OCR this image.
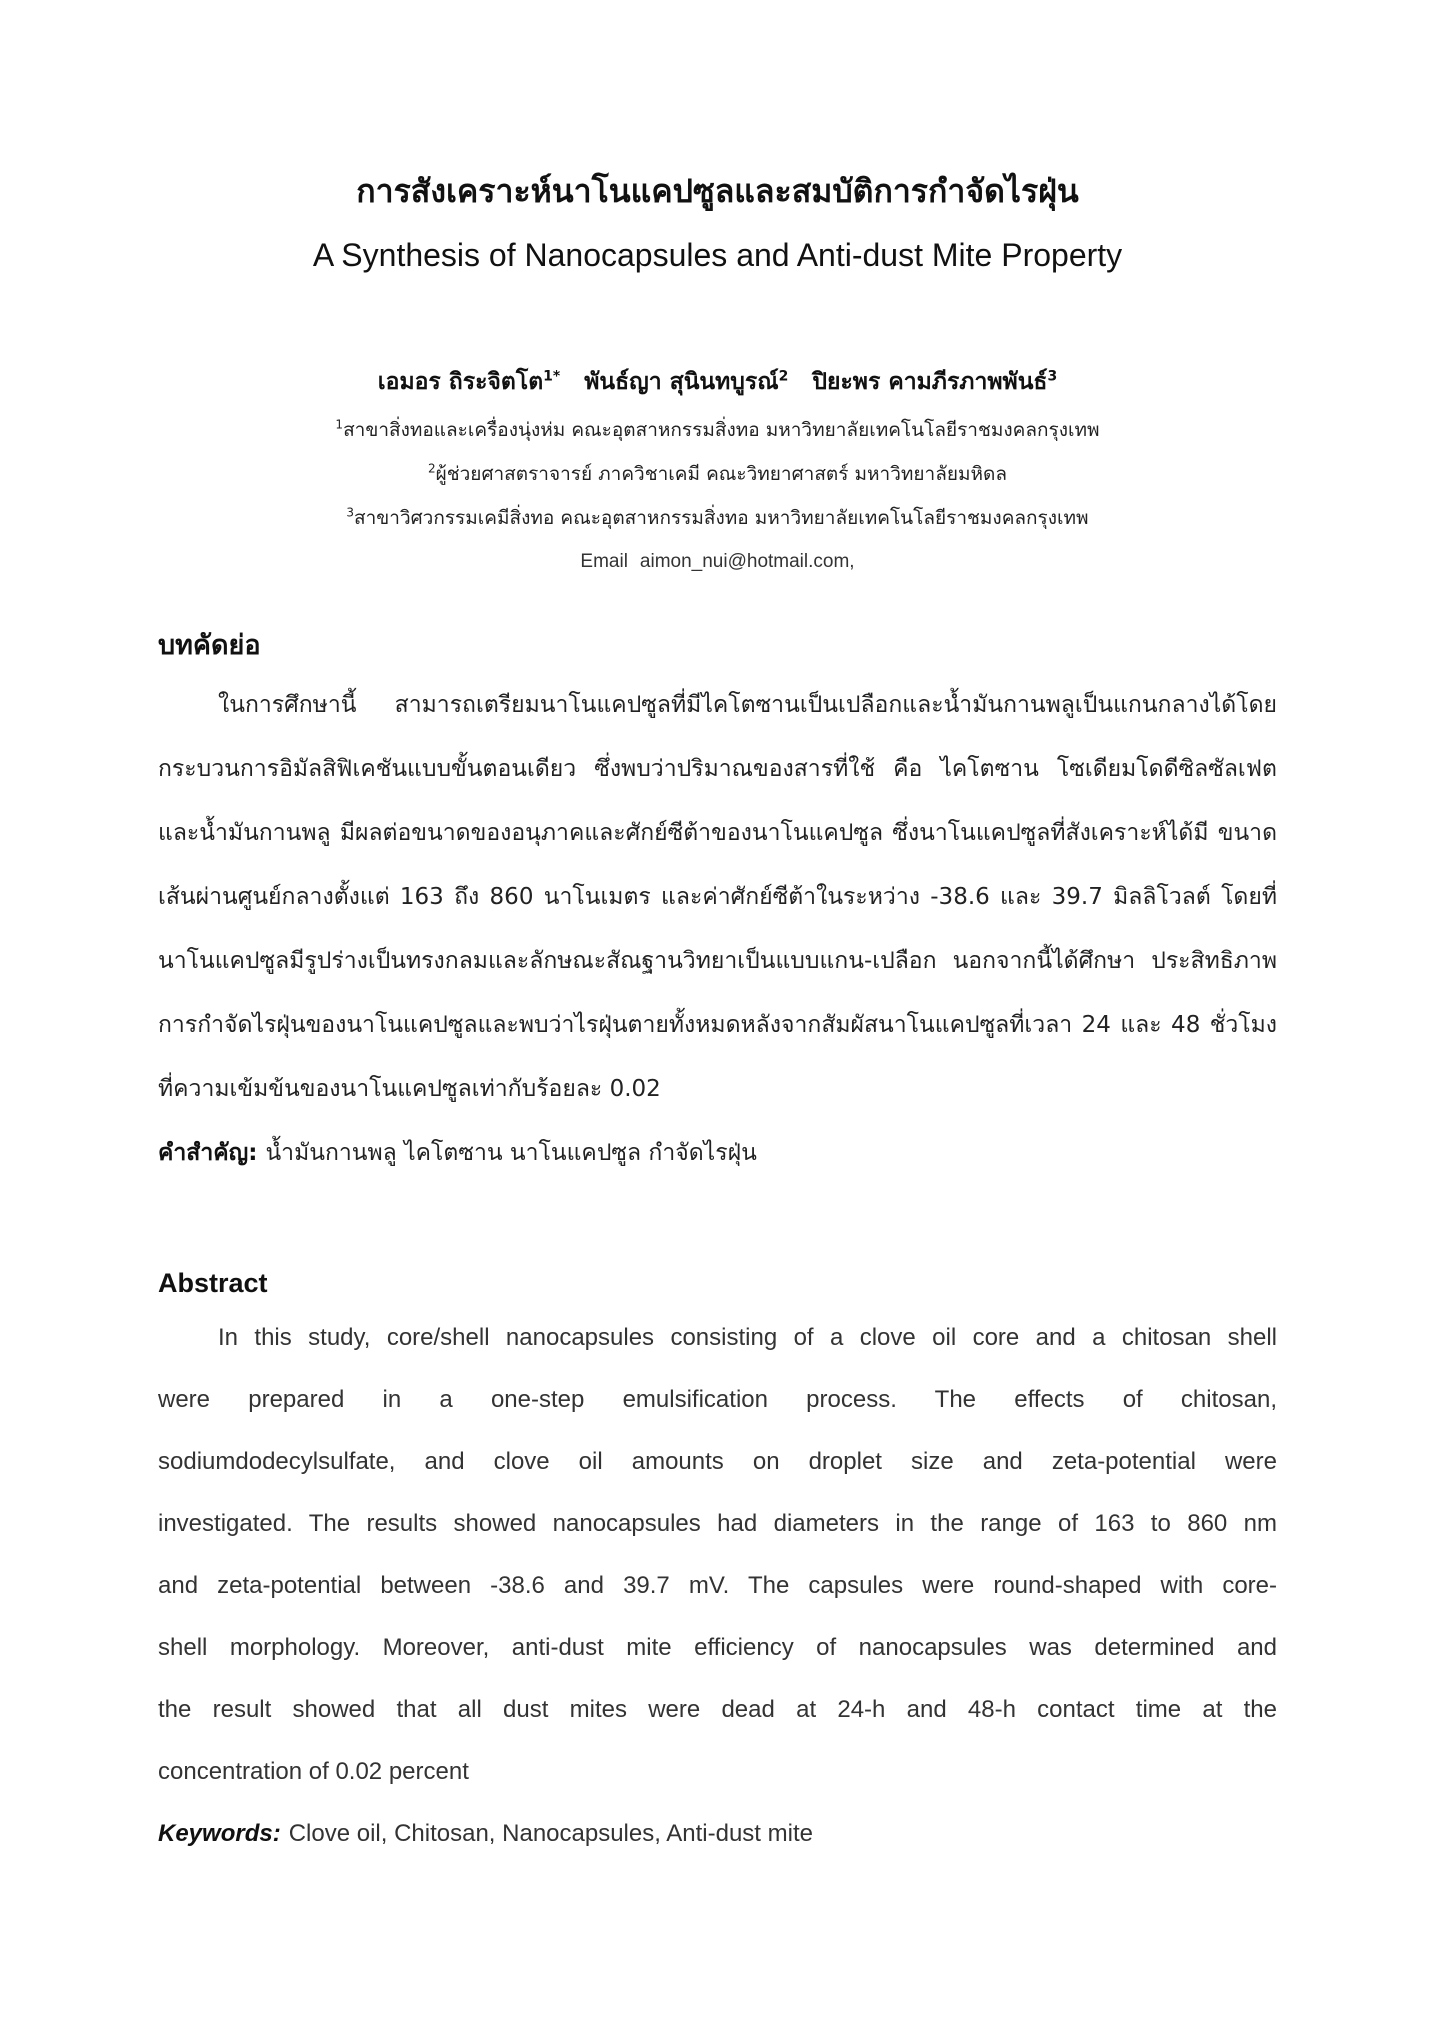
การสังเคราะห์นาโนแคปซูลและสมบัติการกำจัดไรฝุ่น
A Synthesis of Nanocapsules and Anti-dust Mite Property
เอมอร ถิระจิตโต$^{1*}$ พันธ์ญา สุนินทบูรณ์$^2$ ปิยะพร คามภีรภาพพันธ์$^3$
$^1$สาขาสิ่งทอและเครื่องนุ่งห่ม คณะอุตสาหกรรมสิ่งทอ มหาวิทยาลัยเทคโนโลยีราชมงคลกรุงเทพ
$^2$ผู้ช่วยศาสตราจารย์ ภาควิชาเคมี คณะวิทยาศาสตร์ มหาวิทยาลัยมหิดล
$^3$สาขาวิศวกรรมเคมีสิ่งทอ คณะอุตสาหกรรมสิ่งทอ มหาวิทยาลัยเทคโนโลยีราชมงคลกรุงเทพ
Email aimon_nui@hotmail.com,
บทคัดย่อ

ในการศึกษานี้ สามารถเตรียมนาโนแคปซูลที่มีไคโตซานเป็นเปลือกและน้ำมันกานพลูเป็นแกนกลางได้โดย กระบวนการอิมัลสิฟิเคชันแบบขั้นตอนเดียว ซึ่งพบว่าปริมาณของสารที่ใช้ คือ ไคโตซาน โซเดียมโดดีซิลซัลเฟต และน้ำมันกานพลู มีผลต่อขนาดของอนุภาคและศักย์ซีต้าของนาโนแคปซูล ซึ่งนาโนแคปซูลที่สังเคราะห์ได้มี ขนาดเส้นผ่านศูนย์กลางตั้งแต่ 163 ถึง 860 นาโนเมตร และค่าศักย์ซีต้าในระหว่าง -38.6 และ 39.7 มิลลิโวลต์ โดยที่นาโนแคปซูลมีรูปร่างเป็นทรงกลมและลักษณะสัณฐานวิทยาเป็นแบบแกน-เปลือก นอกจากนี้ได้ศึกษา ประสิทธิภาพการกำจัดไรฝุ่นของนาโนแคปซูลและพบว่าไรฝุ่นตายทั้งหมดหลังจากสัมผัสนาโนแคปซูลที่เวลา 24 และ 48 ชั่วโมงที่ความเข้มข้นของนาโนแคปซูลเท่ากับร้อยละ 0.02

คำสำคัญ: น้ำมันกานพลู ไคโตซาน นาโนแคปซูล กำจัดไรฝุ่น
Abstract
In this study, core/shell nanocapsules consisting of a clove oil core and a chitosan shell
were prepared in a one-step emulsification process. The effects of chitosan,
sodiumdodecylsulfate, and clove oil amounts on droplet size and zeta-potential were
investigated. The results showed nanocapsules had diameters in the range of 163 to 860 nm
and zeta-potential between -38.6 and 39.7 mV. The capsules were round-shaped with core-
shell morphology. Moreover, anti-dust mite efficiency of nanocapsules was determined and
the result showed that all dust mites were dead at 24-h and 48-h contact time at the
concentration of 0.02 percent
Keywords: Clove oil, Chitosan, Nanocapsules, Anti-dust mite
